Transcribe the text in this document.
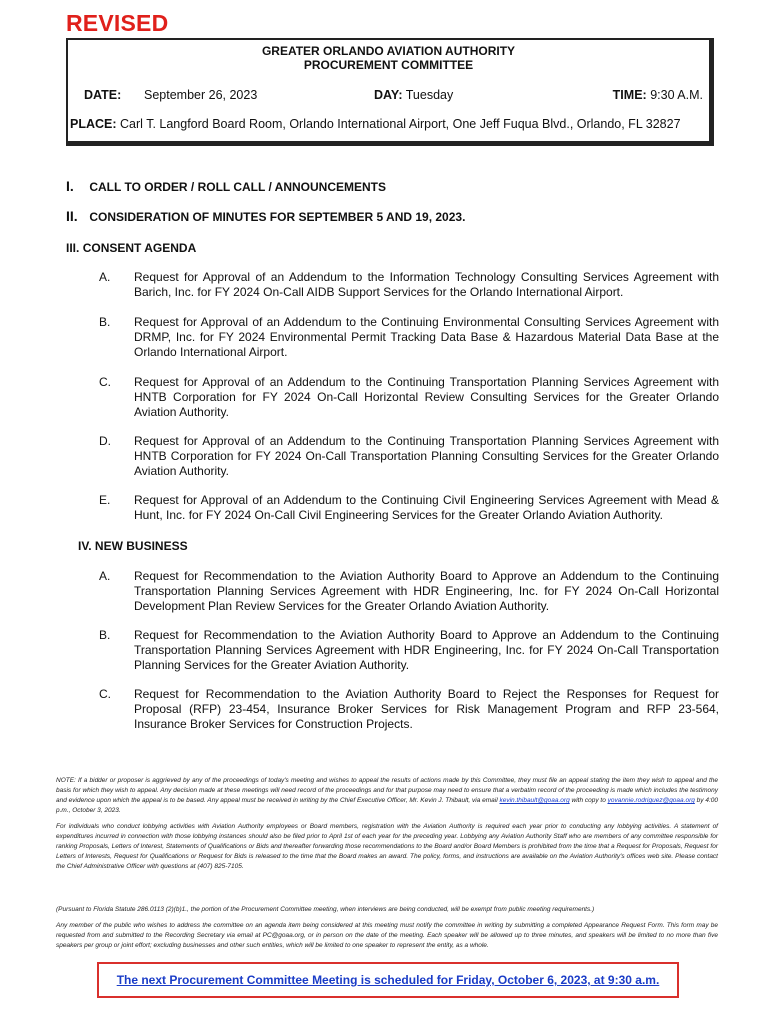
REVISED
GREATER ORLANDO AVIATION AUTHORITY
PROCUREMENT COMMITTEE
DATE: September 26, 2023	DAY: Tuesday	TIME: 9:30 A.M.
PLACE: Carl T. Langford Board Room, Orlando International Airport, One Jeff Fuqua Blvd., Orlando, FL 32827
I. CALL TO ORDER / ROLL CALL / ANNOUNCEMENTS
II. CONSIDERATION OF MINUTES FOR SEPTEMBER 5 AND 19, 2023.
III. CONSENT AGENDA
A. Request for Approval of an Addendum to the Information Technology Consulting Services Agreement with Barich, Inc. for FY 2024 On-Call AIDB Support Services for the Orlando International Airport.
B. Request for Approval of an Addendum to the Continuing Environmental Consulting Services Agreement with DRMP, Inc. for FY 2024 Environmental Permit Tracking Data Base & Hazardous Material Data Base at the Orlando International Airport.
C. Request for Approval of an Addendum to the Continuing Transportation Planning Services Agreement with HNTB Corporation for FY 2024 On-Call Horizontal Review Consulting Services for the Greater Orlando Aviation Authority.
D. Request for Approval of an Addendum to the Continuing Transportation Planning Services Agreement with HNTB Corporation for FY 2024 On-Call Transportation Planning Consulting Services for the Greater Orlando Aviation Authority.
E. Request for Approval of an Addendum to the Continuing Civil Engineering Services Agreement with Mead & Hunt, Inc. for FY 2024 On-Call Civil Engineering Services for the Greater Orlando Aviation Authority.
IV. NEW BUSINESS
A. Request for Recommendation to the Aviation Authority Board to Approve an Addendum to the Continuing Transportation Planning Services Agreement with HDR Engineering, Inc. for FY 2024 On-Call Horizontal Development Plan Review Services for the Greater Orlando Aviation Authority.
B. Request for Recommendation to the Aviation Authority Board to Approve an Addendum to the Continuing Transportation Planning Services Agreement with HDR Engineering, Inc. for FY 2024 On-Call Transportation Planning Services for the Greater Aviation Authority.
C. Request for Recommendation to the Aviation Authority Board to Reject the Responses for Request for Proposal (RFP) 23-454, Insurance Broker Services for Risk Management Program and RFP 23-564, Insurance Broker Services for Construction Projects.
NOTE: If a bidder or proposer is aggrieved by any of the proceedings of today's meeting and wishes to appeal the results of actions made by this Committee, they must file an appeal stating the item they wish to appeal and the basis for which they wish to appeal. Any decision made at these meetings will need record of the proceedings and for that purpose may need to ensure that a verbatim record of the proceeding is made which includes the testimony and evidence upon which the appeal is to be based. Any appeal must be received in writing by the Chief Executive Officer, Mr. Kevin J. Thibault, via email kevin.thibault@goaa.org with copy to yovannie.rodriguez@goaa.org by 4:00 p.m., October 3, 2023.
For individuals who conduct lobbying activities with Aviation Authority employees or Board members, registration with the Aviation Authority is required each year prior to conducting any lobbying activities. A statement of expenditures incurred in connection with those lobbying instances should also be filed prior to April 1st of each year for the preceding year. Lobbying any Aviation Authority Staff who are members of any committee responsible for ranking Proposals, Letters of Interest, Statements of Qualifications or Bids and thereafter forwarding those recommendations to the Board and/or Board Members is prohibited from the time that a Request for Proposals, Request for Letters of Interests, Request for Qualifications or Request for Bids is released to the time that the Board makes an award. The policy, forms, and instructions are available on the Aviation Authority's offices web site. Please contact the Chief Administrative Officer with questions at (407) 825-7105.
(Pursuant to Florida Statute 286.0113 (2)(b)1., the portion of the Procurement Committee meeting, when interviews are being conducted, will be exempt from public meeting requirements.)
Any member of the public who wishes to address the committee on an agenda item being considered at this meeting must notify the committee in writing by submitting a completed Appearance Request Form. This form may be requested from and submitted to the Recording Secretary via email at PC@goaa.org, or in person on the date of the meeting. Each speaker will be allowed up to three minutes, and speakers will be limited to no more than five speakers per group or joint effort; excluding businesses and other such entities, which will be limited to one speaker to represent the entity, as a whole.
The next Procurement Committee Meeting is scheduled for Friday, October 6, 2023, at 9:30 a.m.
